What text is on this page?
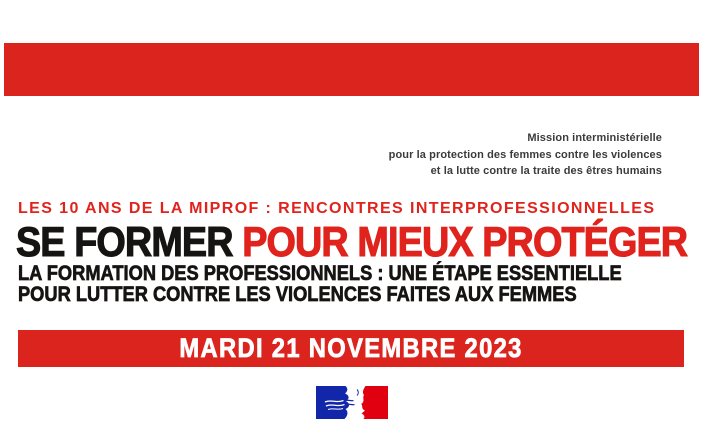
Mission interministérielle
pour la protection des femmes contre les violences
et la lutte contre la traite des êtres humains
LES 10 ANS DE LA MIPROF : RENCONTRES INTERPROFESSIONNELLES
SE FORMER POUR MIEUX PROTÉGER
LA FORMATION DES PROFESSIONNELS : UNE ÉTAPE ESSENTIELLE
POUR LUTTER CONTRE LES VIOLENCES FAITES AUX FEMMES
MARDI 21 NOVEMBRE 2023
